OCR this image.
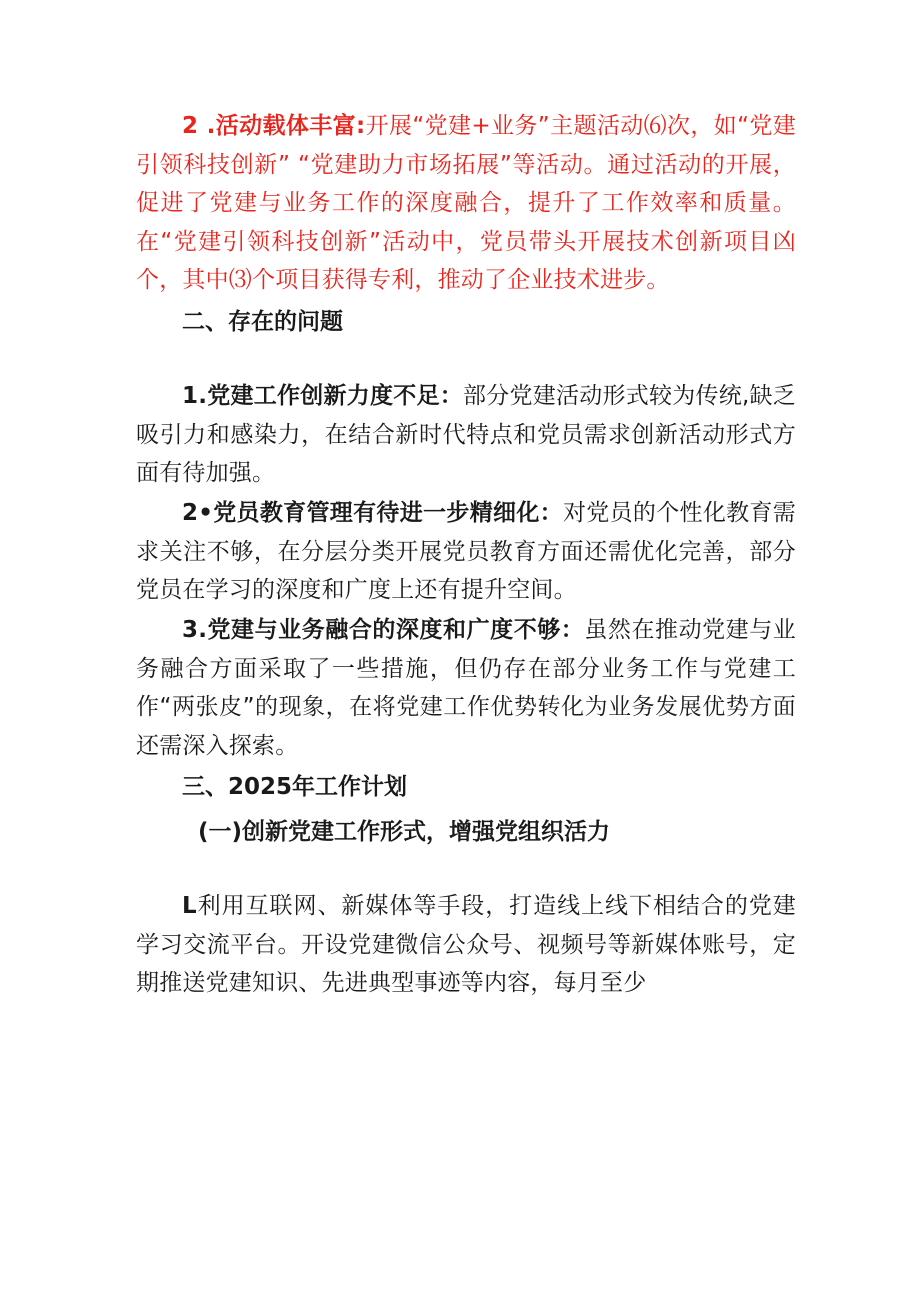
2 .活动载体丰富:开展“党建+业务”主题活动⑹次，如“党建引领科技创新” “党建助力市场拓展”等活动。通过活动的开展，促进了党建与业务工作的深度融合，提升了工作效率和质量。在“党建引领科技创新”活动中，党员带头开展技术创新项目凶个，其中⑶个项目获得专利，推动了企业技术进步。

二、存在的问题

1.党建工作创新力度不足：部分党建活动形式较为传统,缺乏吸引力和感染力，在结合新时代特点和党员需求创新活动形式方面有待加强。

2•党员教育管理有待进一步精细化：对党员的个性化教育需求关注不够，在分层分类开展党员教育方面还需优化完善，部分党员在学习的深度和广度上还有提升空间。

3.党建与业务融合的深度和广度不够：虽然在推动党建与业务融合方面采取了一些措施，但仍存在部分业务工作与党建工作“两张皮”的现象，在将党建工作优势转化为业务发展优势方面还需深入探索。

三、2025年工作计划
(一)创新党建工作形式，增强党组织活力

L利用互联网、新媒体等手段，打造线上线下相结合的党建学习交流平台。开设党建微信公众号、视频号等新媒体账号，定期推送党建知识、先进典型事迹等内容，每月至少
